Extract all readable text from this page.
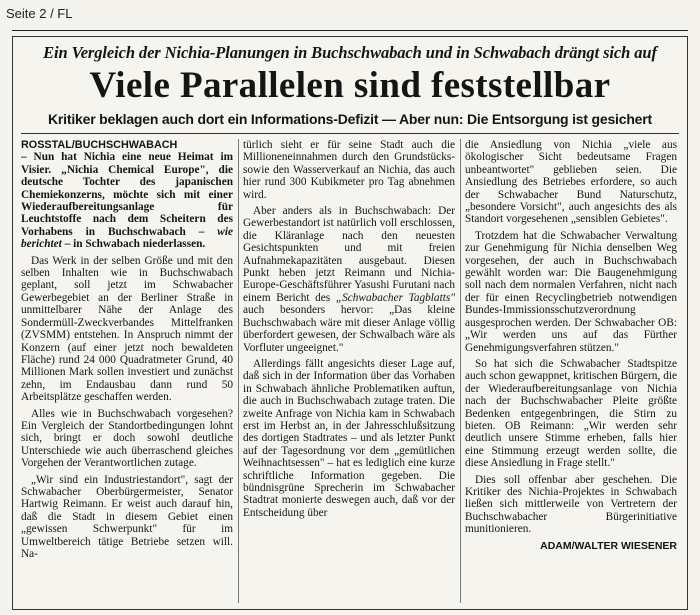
Seite 2 / FL
Ein Vergleich der Nichia-Planungen in Buchschwabach und in Schwabach drängt sich auf
Viele Parallelen sind feststellbar
Kritiker beklagen auch dort ein Informations-Defizit — Aber nun: Die Entsorgung ist gesichert

ROSSTAL/BUCHSCHWABACH
– Nun hat Nichia eine neue Heimat im Visier. „Nichia Chemical Europe", die deutsche Tochter des japanischen Chemiekonzerns, möchte sich mit einer Wiederaufbereitungsanlage für Leuchtstoffe nach dem Scheitern des Vorhabens in Buchschwabach – wie berichtet – in Schwabach niederlassen.

Das Werk in der selben Größe und mit den selben Inhalten wie in Buchschwabach geplant, soll jetzt im Schwabacher Gewerbegebiet an der Berliner Straße in unmittelbarer Nähe der Anlage des Sondermüll-Zweckverbandes Mittelfranken (ZVSMM) entstehen. In Anspruch nimmt der Konzern (auf einer jetzt noch bewaldeten Fläche) rund 24 000 Quadratmeter Grund, 40 Millionen Mark sollen investiert und zunächst zehn, im Endausbau dann rund 50 Arbeitsplätze geschaffen werden.

Alles wie in Buchschwabach vorgesehen? Ein Vergleich der Standortbedingungen lohnt sich, bringt er doch sowohl deutliche Unterschiede wie auch überraschend gleiches Vorgehen der Verantwortlichen zutage.

„Wir sind ein Industriestandort", sagt der Schwabacher Oberbürgermeister, Senator Hartwig Reimann. Er weist auch darauf hin, daß die Stadt in diesem Gebiet einen „gewissen Schwerpunkt" für im Umweltbereich tätige Betriebe setzen will. Na-

türlich sieht er für seine Stadt auch die Millioneneinnahmen durch den Grundstücks- sowie den Wasserverkauf an Nichia, das auch hier rund 300 Kubikmeter pro Tag abnehmen wird.

Aber anders als in Buchschwabach: Der Gewerbestandort ist natürlich voll erschlossen, die Kläranlage nach den neuesten Gesichtspunkten und mit freien Aufnahmekapazitäten ausgebaut. Diesen Punkt heben jetzt Reimann und Nichia-Europe-Geschäftsführer Yasushi Furutani nach einem Bericht des „Schwabacher Tagblatts" auch besonders hervor: „Das kleine Buchschwabach wäre mit dieser Anlage völlig überfordert gewesen, der Schwalbach wäre als Vorfluter ungeeignet."

Allerdings fällt angesichts dieser Lage auf, daß sich in der Information über das Vorhaben in Schwabach ähnliche Problematiken auftun, die auch in Buchschwabach zutage traten. Die zweite Anfrage von Nichia kam in Schwabach erst im Herbst an, in der Jahresschlußsitzung des dortigen Stadtrates – und als letzter Punkt auf der Tagesordnung vor dem „gemütlichen Weihnachtsessen" – hat es lediglich eine kurze schriftliche Information gegeben. Die bündnisgrüne Sprecherin im Schwabacher Stadtrat monierte deswegen auch, daß vor der Entscheidung über

die Ansiedlung von Nichia „viele aus ökologischer Sicht bedeutsame Fragen unbeantwortet" geblieben seien. Die Ansiedlung des Betriebes erfordere, so auch der Schwabacher Bund Naturschutz, „besondere Vorsicht", auch angesichts des als Standort vorgesehenen „sensiblen Gebietes".

Trotzdem hat die Schwabacher Verwaltung zur Genehmigung für Nichia denselben Weg vorgesehen, der auch in Buchschwabach gewählt worden war: Die Baugenehmigung soll nach dem normalen Verfahren, nicht nach der für einen Recyclingbetrieb notwendigen Bundes-Immissionsschutzverordnung ausgesprochen werden. Der Schwabacher OB: „Wir werden uns auf das Fürther Genehmigungsverfahren stützen."

So hat sich die Schwabacher Stadtspitze auch schon gewappnet, kritischen Bürgern, die der Wiederaufbereitungsanlage von Nichia nach der Buchschwabacher Pleite größte Bedenken entgegenbringen, die Stirn zu bieten. OB Reimann: „Wir werden sehr deutlich unsere Stimme erheben, falls hier eine Stimmung erzeugt werden sollte, die diese Ansiedlung in Frage stellt."

Dies soll offenbar aber geschehen. Die Kritiker des Nichia-Projektes in Schwabach ließen sich mittlerweile von Vertretern der Buchschwabacher Bürgerinitiative munitionieren.

ADAM/WALTER WIESENER
